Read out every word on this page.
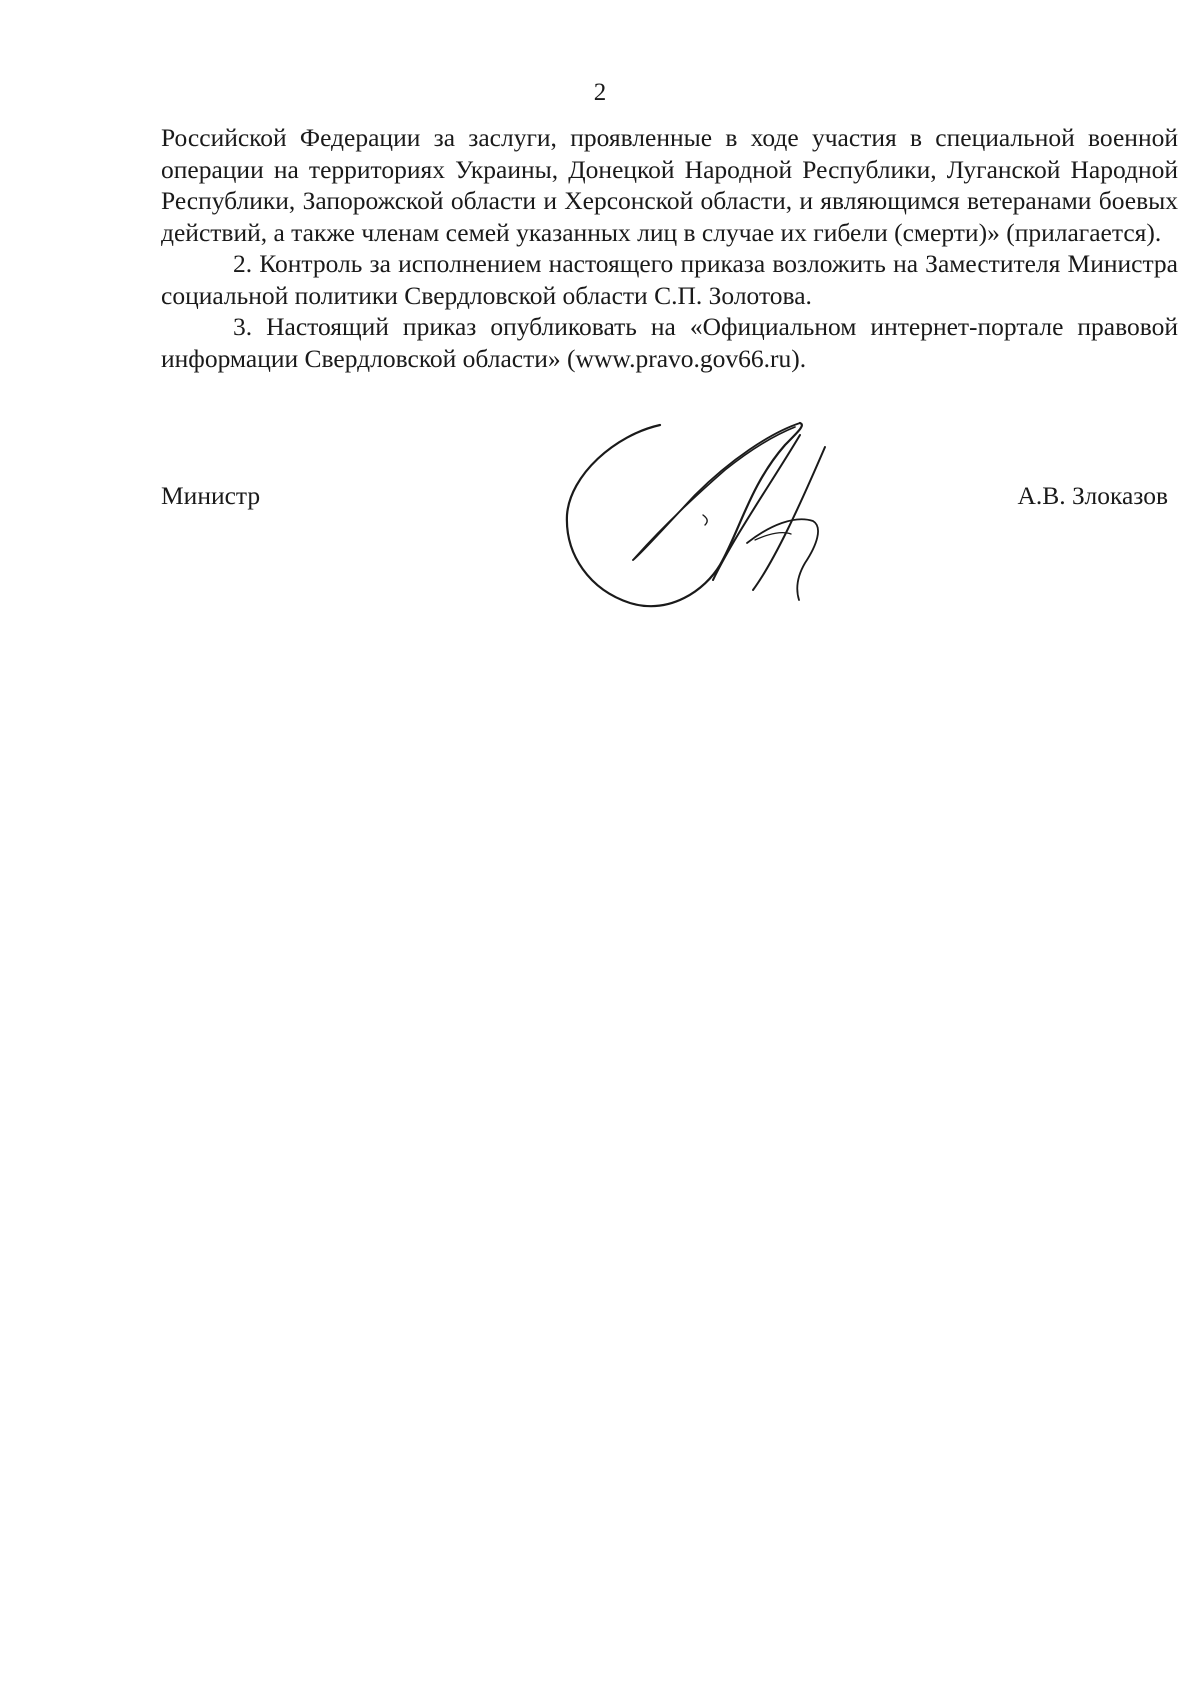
2

Российской Федерации за заслуги, проявленные в ходе участия в специальной военной операции на территориях Украины, Донецкой Народной Республики, Луганской Народной Республики, Запорожской области и Херсонской области, и являющимся ветеранами боевых действий, а также членам семей указанных лиц в случае их гибели (смерти)» (прилагается).

2. Контроль за исполнением настоящего приказа возложить на Заместителя Министра социальной политики Свердловской области С.П. Золотова.

3. Настоящий приказ опубликовать на «Официальном интернет-портале правовой информации Свердловской области» (www.pravo.gov66.ru).

Министр	А.В. Злоказов
